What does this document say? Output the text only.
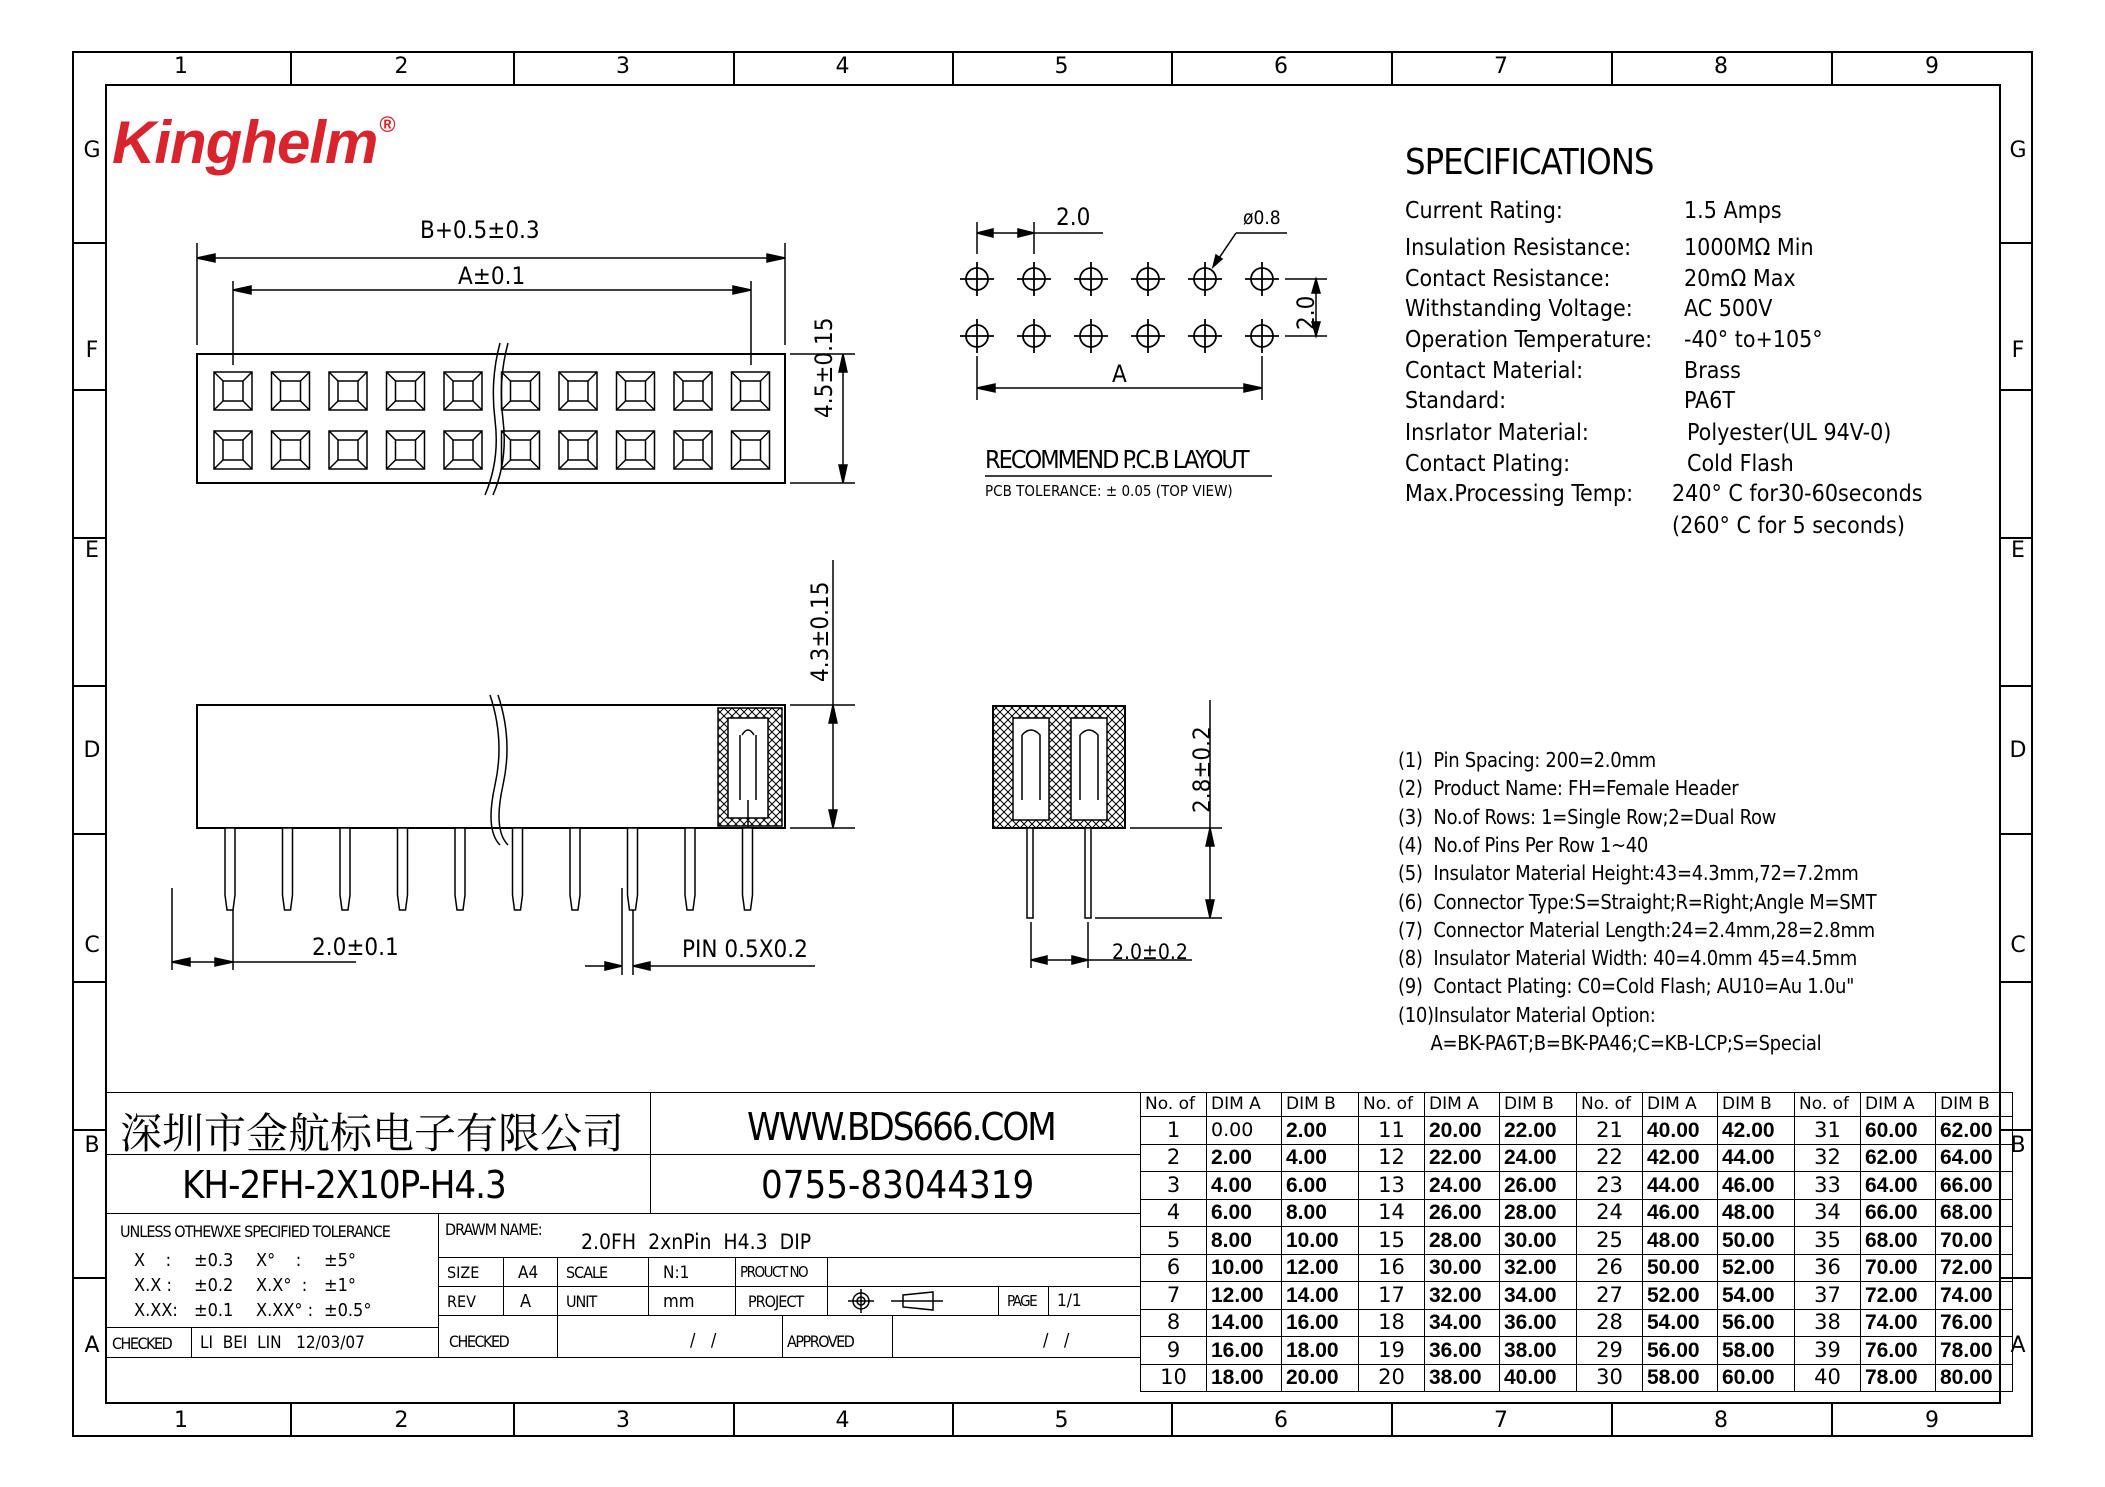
1
1
2
2
3
3
4
4
5
5
6
6
7
7
8
8
9
9
G	G
F	F
E	E
D	D
C	C
B	B
A	A
Kinghelm®
B+0.5±0.3
A±0.1
4.5±0.15
2.0	ø0.8
2.0
A
RECOMMEND P.C.B LAYOUT
PCB TOLERANCE: ± 0.05 (TOP VIEW)
4.3±0.15
2.0±0.1	PIN 0.5X0.2
2.8±0.2
2.0±0.2
SPECIFICATIONS
Current Rating:	1.5 Amps
Insulation Resistance: 1000MΩ Min
Contact Resistance:	20mΩ Max
Withstanding Voltage: AC 500V
Operation Temperature: -40° to+105°
Contact Material:	Brass
Standard:	PA6T
Insrlator Material:	Polyester(UL 94V-0)
Contact Plating:	Cold Flash
Max.Processing Temp: 240° C for30-60seconds
(260° C for 5 seconds)
(1)  Pin Spacing: 200=2.0mm
(2)  Product Name: FH=Female Header
(3)  No.of Rows: 1=Single Row;2=Dual Row
(4)  No.of Pins Per Row 1~40
(5)  Insulator Material Height:43=4.3mm,72=7.2mm
(6)  Connector Type:S=Straight;R=Right;Angle M=SMT
(7)  Connector Material Length:24=2.4mm,28=2.8mm
(8)  Insulator Material Width: 40=4.0mm 45=4.5mm
(9)  Contact Plating: C0=Cold Flash; AU10=Au 1.0u"
(10)Insulator Material Option:
A=BK-PA6T;B=BK-PA46;C=KB-LCP;S=Special
深圳市金航标电子有限公司	WWW.BDS666.COM
KH-2FH-2X10P-H4.3	0755-83044319
UNLESS OTHEWXE SPECIFIED TOLERANCE
X    : ±0.3 X°    : ±5°
X.X : ±0.2 X.X°  : ±1°
X.XX: ±0.1 X.XX° : ±0.5°
DRAWM NAME:
2.0FH  2xnPin  H4.3  DIP
SIZE A4 SCALE	N:1	PROUCT NO
REV A UNIT	mm	PROJECT	PAGE 1/1
CHECKED LI  BEI  LIN   12/03/07	CHECKED	/   /	APPROVED	/   /
No. of	DIM A	DIM B	No. of	DIM A	DIM B	No. of	DIM A	DIM B	No. of	DIM A	DIM B
1	0.00	2.00	11	20.00	22.00	21	40.00	42.00	31	60.00	62.00
2	2.00	4.00	12	22.00	24.00	22	42.00	44.00	32	62.00	64.00
3	4.00	6.00	13	24.00	26.00	23	44.00	46.00	33	64.00	66.00
4	6.00	8.00	14	26.00	28.00	24	46.00	48.00	34	66.00	68.00
5	8.00	10.00	15	28.00	30.00	25	48.00	50.00	35	68.00	70.00
6	10.00	12.00	16	30.00	32.00	26	50.00	52.00	36	70.00	72.00
7	12.00	14.00	17	32.00	34.00	27	52.00	54.00	37	72.00	74.00
8	14.00	16.00	18	34.00	36.00	28	54.00	56.00	38	74.00	76.00
9	16.00	18.00	19	36.00	38.00	29	56.00	58.00	39	76.00	78.00
10	18.00	20.00	20	38.00	40.00	30	58.00	60.00	40	78.00	80.00
